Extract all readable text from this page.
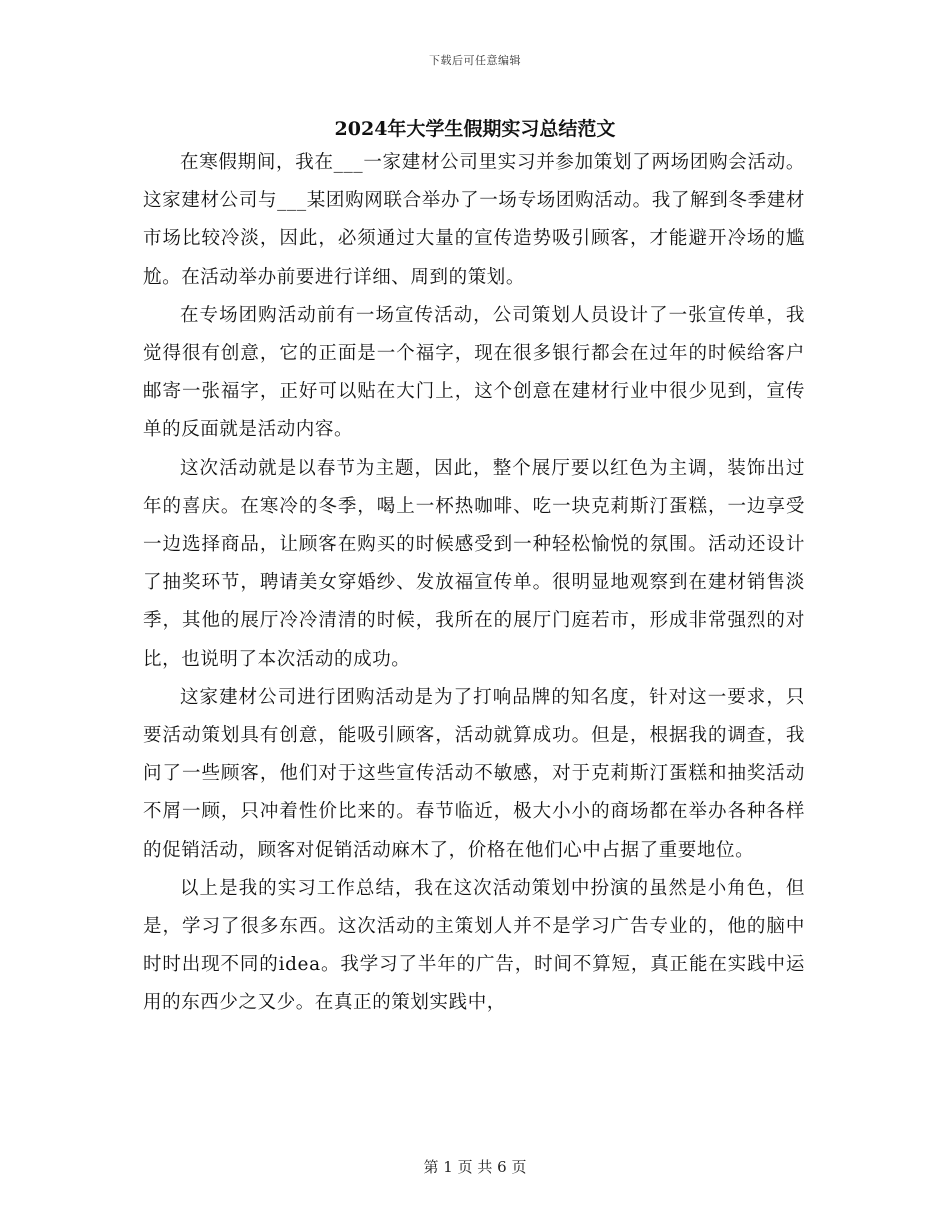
下载后可任意编辑
2024年大学生假期实习总结范文

在寒假期间，我在___一家建材公司里实习并参加策划了两场团购会活动。这家建材公司与___某团购网联合举办了一场专场团购活动。我了解到冬季建材市场比较冷淡，因此，必须通过大量的宣传造势吸引顾客，才能避开冷场的尴尬。在活动举办前要进行详细、周到的策划。

在专场团购活动前有一场宣传活动，公司策划人员设计了一张宣传单，我觉得很有创意，它的正面是一个福字，现在很多银行都会在过年的时候给客户邮寄一张福字，正好可以贴在大门上，这个创意在建材行业中很少见到，宣传单的反面就是活动内容。

这次活动就是以春节为主题，因此，整个展厅要以红色为主调，装饰出过年的喜庆。在寒冷的冬季，喝上一杯热咖啡、吃一块克莉斯汀蛋糕，一边享受一边选择商品，让顾客在购买的时候感受到一种轻松愉悦的氛围。活动还设计了抽奖环节，聘请美女穿婚纱、发放福宣传单。很明显地观察到在建材销售淡季，其他的展厅冷冷清清的时候，我所在的展厅门庭若市，形成非常强烈的对比，也说明了本次活动的成功。

这家建材公司进行团购活动是为了打响品牌的知名度，针对这一要求，只要活动策划具有创意，能吸引顾客，活动就算成功。但是，根据我的调查，我问了一些顾客，他们对于这些宣传活动不敏感，对于克莉斯汀蛋糕和抽奖活动不屑一顾，只冲着性价比来的。春节临近，极大小小的商场都在举办各种各样的促销活动，顾客对促销活动麻木了，价格在他们心中占据了重要地位。

以上是我的实习工作总结，我在这次活动策划中扮演的虽然是小角色，但是，学习了很多东西。这次活动的主策划人并不是学习广告专业的，他的脑中时时出现不同的idea。我学习了半年的广告，时间不算短，真正能在实践中运用的东西少之又少。在真正的策划实践中，

第 1 页 共 6 页
